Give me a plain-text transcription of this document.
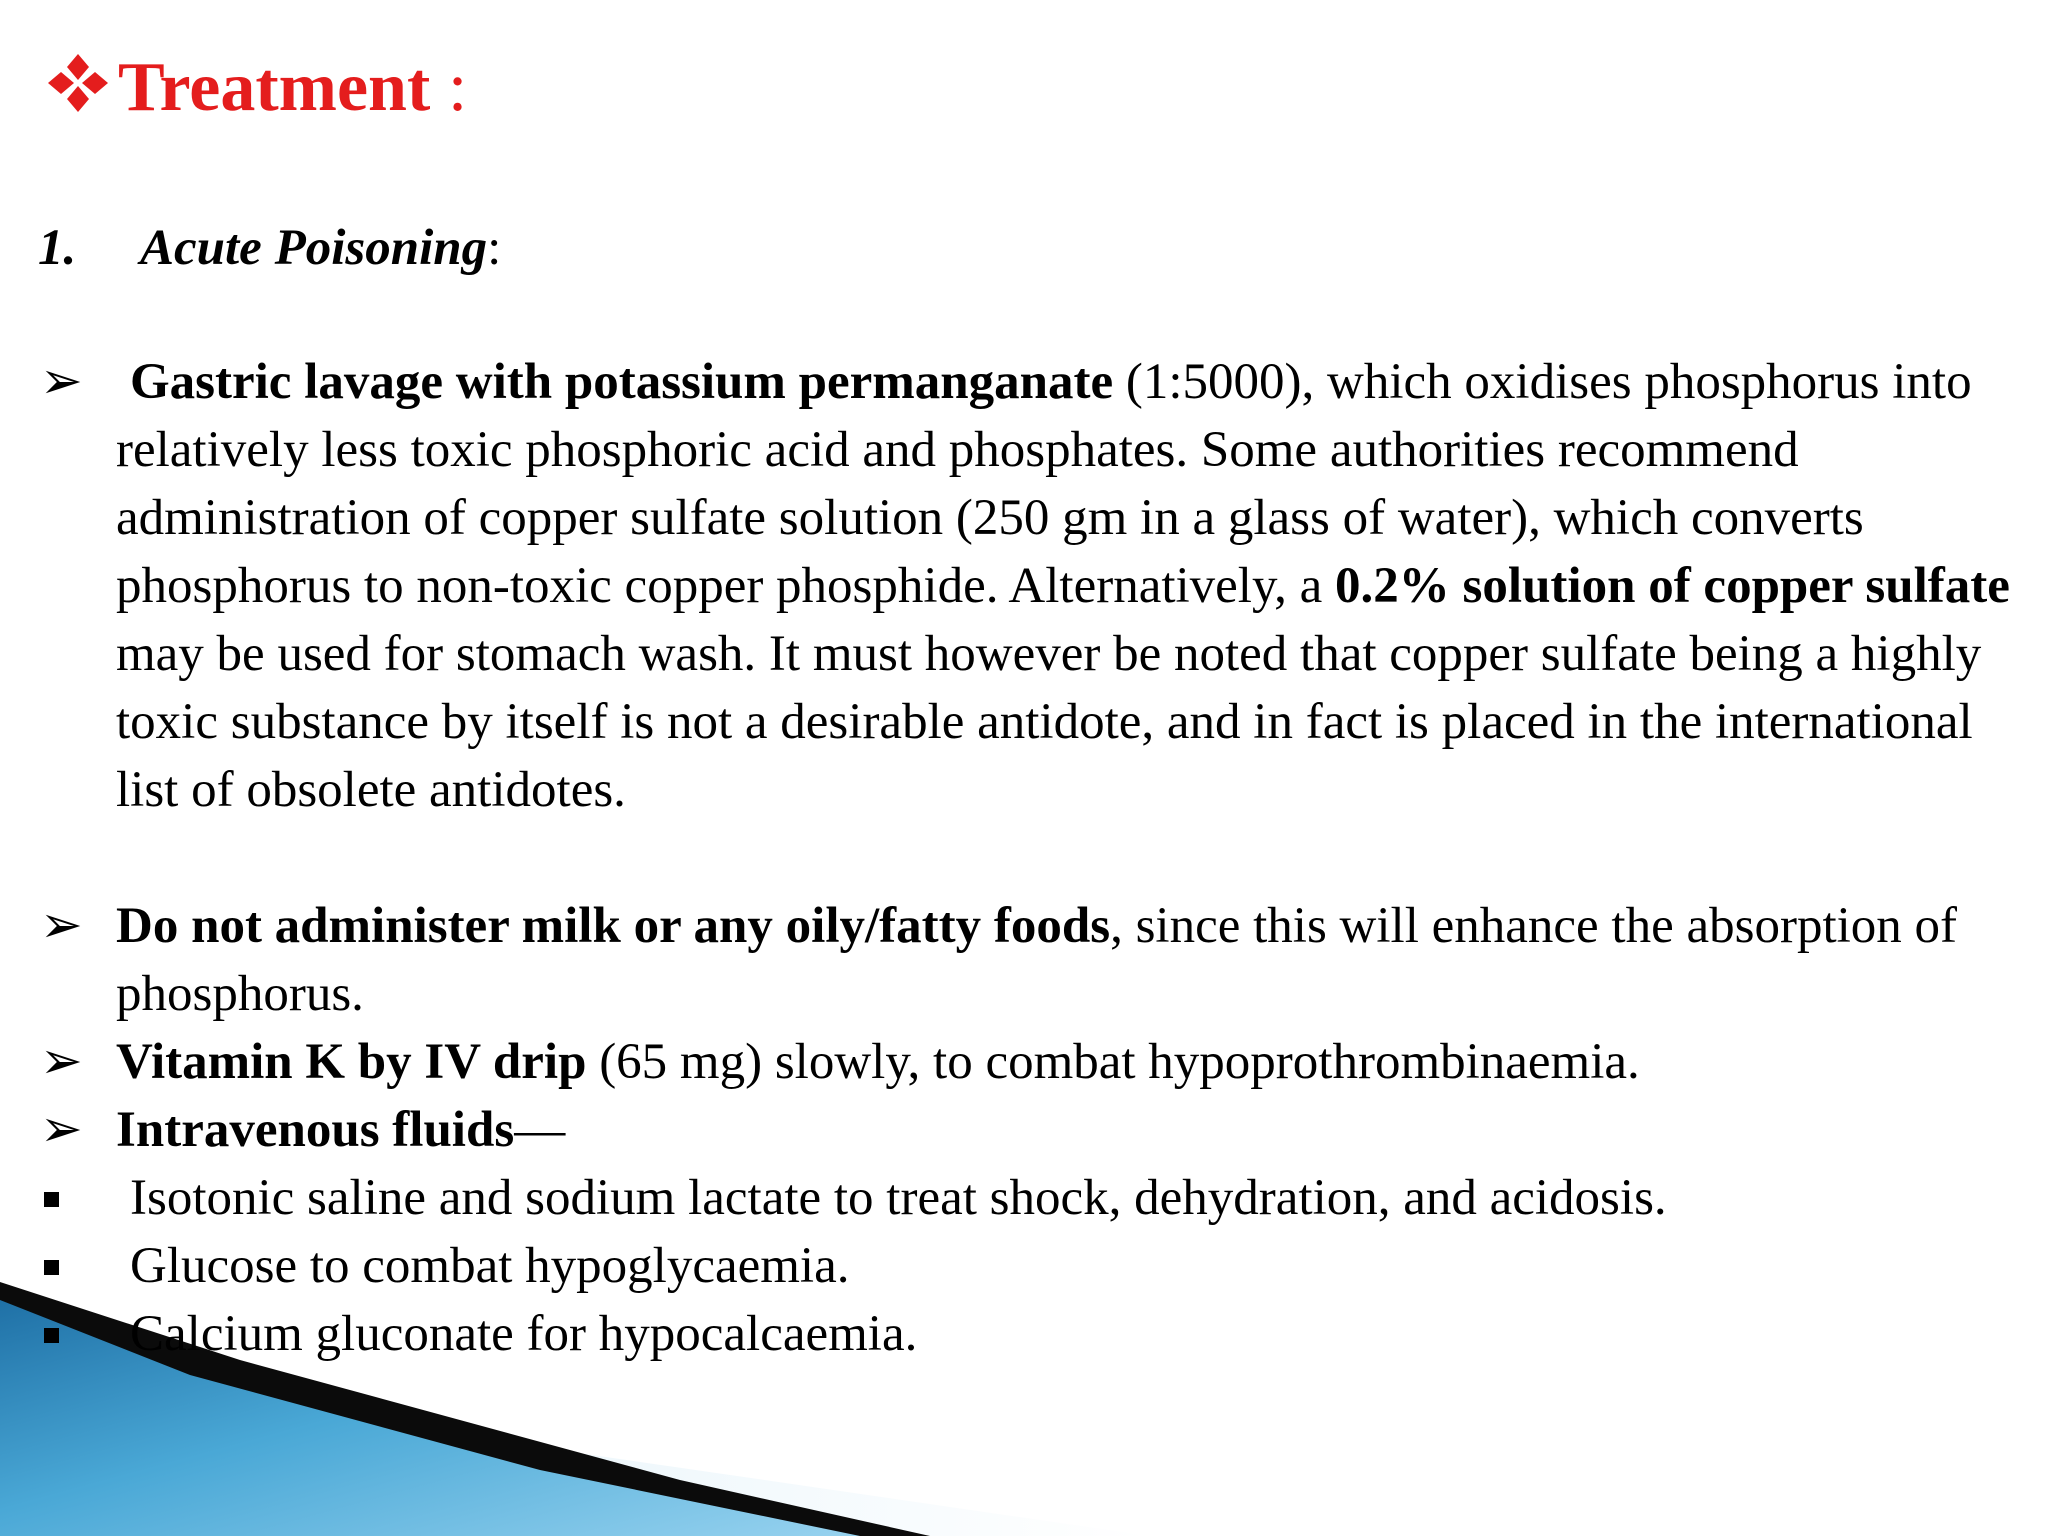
Treatment :

1. Acute Poisoning:

➢ Gastric lavage with potassium permanganate (1:5000), which oxidises phosphorus into relatively less toxic phosphoric acid and phosphates. Some authorities recommend administration of copper sulfate solution (250 gm in a glass of water), which converts phosphorus to non-toxic copper phosphide. Alternatively, a 0.2% solution of copper sulfate may be used for stomach wash. It must however be noted that copper sulfate being a highly toxic substance by itself is not a desirable antidote, and in fact is placed in the international list of obsolete antidotes.

➢ Do not administer milk or any oily/fatty foods, since this will enhance the absorption of phosphorus.

➢ Vitamin K by IV drip (65 mg) slowly, to combat hypoprothrombinaemia.

➢ Intravenous fluids—

Isotonic saline and sodium lactate to treat shock, dehydration, and acidosis.

Glucose to combat hypoglycaemia.

Calcium gluconate for hypocalcaemia.
